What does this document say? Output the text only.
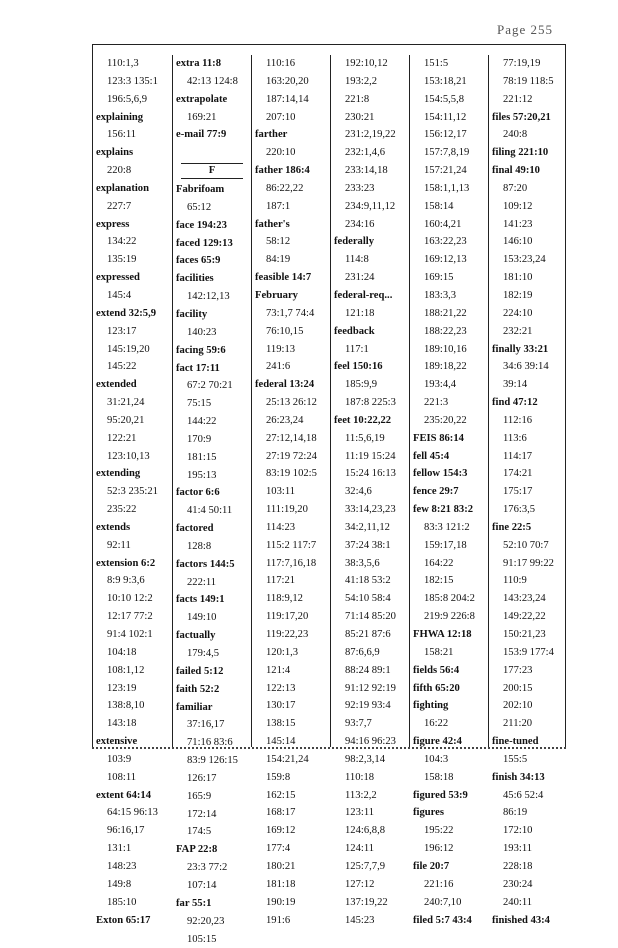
Page 255
110:1,3
123:3 135:1
196:5,6,9
explaining
156:11
explains
220:8
explanation
227:7
express
134:22
135:19
expressed
145:4
extend 32:5,9
123:17
145:19,20
145:22
extended
31:21,24
95:20,21
122:21
123:10,13
extending
52:3 235:21
235:22
extends
92:11
extension 6:2
8:9 9:3,6
10:10 12:2
12:17 77:2
91:4 102:1
104:18
108:1,12
123:19
138:8,10
143:18
extensive
103:9
108:11
extent 64:14
64:15 96:13
96:16,17
131:1
148:23
149:8
185:10
Exton 65:17
extra 11:8
42:13 124:8
extrapolate
169:21
e-mail 77:9
F
Fabrifoam
65:12
face 194:23
faced 129:13
faces 65:9
facilities
142:12,13
facility
140:23
facing 59:6
fact 17:11
67:2 70:21
75:15
144:22
170:9
181:15
195:13
factor 6:6
41:4 50:11
factored
128:8
factors 144:5
222:11
facts 149:1
149:10
factually
179:4,5
failed 5:12
faith 52:2
familiar
37:16,17
71:16 83:6
83:9 126:15
126:17
165:9
172:14
174:5
FAP 22:8
23:3 77:2
107:14
far 55:1
92:20,23
105:15
110:16
163:20,20
187:14,14
207:10
farther
220:10
father 186:4
86:22,22
187:1
father's
58:12
84:19
feasible 14:7
February
73:1,7 74:4
76:10,15
119:13
241:6
federal 13:24
25:13 26:12
26:23,24
27:12,14,18
27:19 72:24
83:19 102:5
103:11
111:19,20
114:23
115:2 117:7
117:7,16,18
117:21
118:9,12
119:17,20
119:22,23
120:1,3
121:4
122:13
130:17
138:15
145:14
154:21,24
159:8
162:15
168:17
169:12
177:4
180:21
181:18
190:19
191:6
192:10,12
193:2,2
221:8
230:21
231:2,19,22
232:1,4,6
233:14,18
233:23
234:9,11,12
234:16
federally
114:8
231:24
federal-req...
121:18
feedback
117:1
feel 150:16
185:9,9
187:8 225:3
feet 10:22,22
11:5,6,19
11:19 15:24
15:24 16:13
32:4,6
33:14,23,23
34:2,11,12
37:24 38:1
38:3,5,6
41:18 53:2
54:10 58:4
71:14 85:20
85:21 87:6
87:6,6,9
88:24 89:1
91:12 92:19
92:19 93:4
93:7,7
94:16 96:23
98:2,3,14
110:18
113:2,2
123:11
124:6,8,8
124:11
125:7,7,9
127:12
137:19,22
145:23
151:5
153:18,21
154:5,5,8
154:11,12
156:12,17
157:7,8,19
157:21,24
158:1,1,13
158:14
160:4,21
163:22,23
169:12,13
169:15
183:3,3
188:21,22
188:22,23
189:10,16
189:18,22
193:4,4
221:3
235:20,22
FEIS 86:14
fell 45:4
fellow 154:3
fence 29:7
few 8:21 83:2
83:3 121:2
159:17,18
164:22
182:15
185:8 204:2
219:9 226:8
FHWA 12:18
158:21
fields 56:4
fifth 65:20
fighting
16:22
figure 42:4
104:3
158:18
figured 53:9
figures
195:22
196:12
file 20:7
221:16
240:7,10
filed 5:7 43:4
77:19,19
78:19 118:5
221:12
files 57:20,21
240:8
filing 221:10
final 49:10
87:20
109:12
141:23
146:10
153:23,24
181:10
182:19
224:10
232:21
finally 33:21
34:6 39:14
39:14
find 47:12
112:16
113:6
114:17
174:21
175:17
176:3,5
fine 22:5
52:10 70:7
91:17 99:22
110:9
143:23,24
149:22,22
150:21,23
153:9 177:4
177:23
200:15
202:10
211:20
fine-tuned
155:5
finish 34:13
45:6 52:4
86:19
172:10
193:11
228:18
230:24
240:11
finished 43:4
